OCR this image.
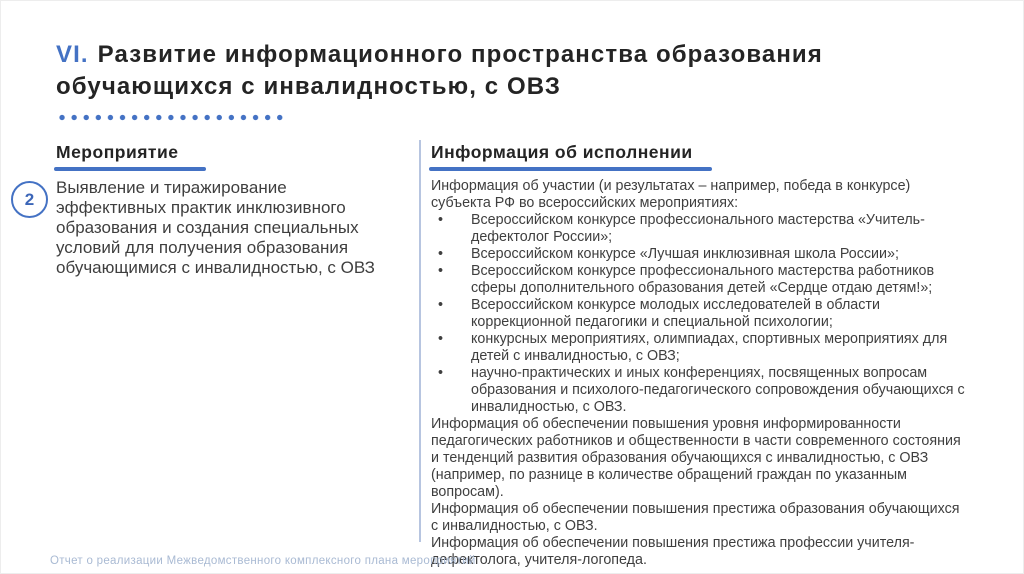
VI. Развитие информационного пространства образования
обучающихся с инвалидностью, с ОВЗ
Мероприятие
2

Выявление и тиражирование эффективных практик инклюзивного образования и создания специальных условий для получения образования обучающимися с инвалидностью, с ОВЗ

Информация об исполнении

Информация об участии (и результатах – например, победа в конкурсе) субъекта РФ во всероссийских мероприятиях:

• Всероссийском конкурсе профессионального мастерства «Учитель-дефектолог России»;
• Всероссийском конкурсе «Лучшая инклюзивная школа России»;
• Всероссийском конкурсе профессионального мастерства работников сферы дополнительного образования детей «Сердце отдаю детям!»;
• Всероссийском конкурсе молодых исследователей в области коррекционной педагогики и специальной психологии;
• конкурсных мероприятиях, олимпиадах, спортивных мероприятиях для детей с инвалидностью, с ОВЗ;
• научно-практических и иных конференциях, посвященных вопросам образования и психолого-педагогического сопровождения обучающихся с инвалидностью, с ОВЗ.

Информация об обеспечении повышения уровня информированности педагогических работников и общественности в части современного состояния и тенденций развития образования обучающихся с инвалидностью, с ОВЗ (например, по разнице в количестве обращений граждан по указанным вопросам).

Информация об обеспечении повышения престижа образования обучающихся с инвалидностью, с ОВЗ.

Информация об обеспечении повышения престижа профессии учителя-дефектолога, учителя-логопеда.

Отчет о реализации Межведомственного комплексного плана мероприятий
